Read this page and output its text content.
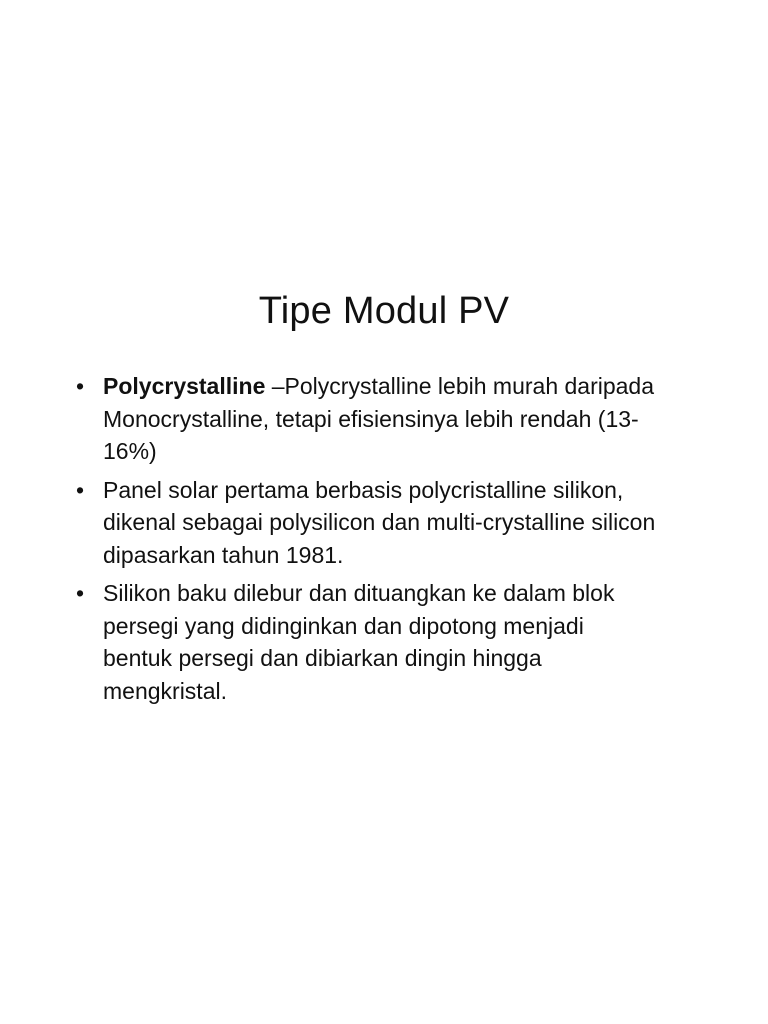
Tipe Modul PV
• Polycrystalline –Polycrystalline lebih murah daripada Monocrystalline, tetapi efisiensinya lebih rendah (13-16%)
• Panel solar pertama berbasis polycristalline silikon, dikenal sebagai polysilicon dan multi-crystalline silicon dipasarkan tahun 1981.
• Silikon baku dilebur dan dituangkan ke dalam blok persegi yang didinginkan dan dipotong menjadi bentuk persegi dan dibiarkan dingin hingga mengkristal.
